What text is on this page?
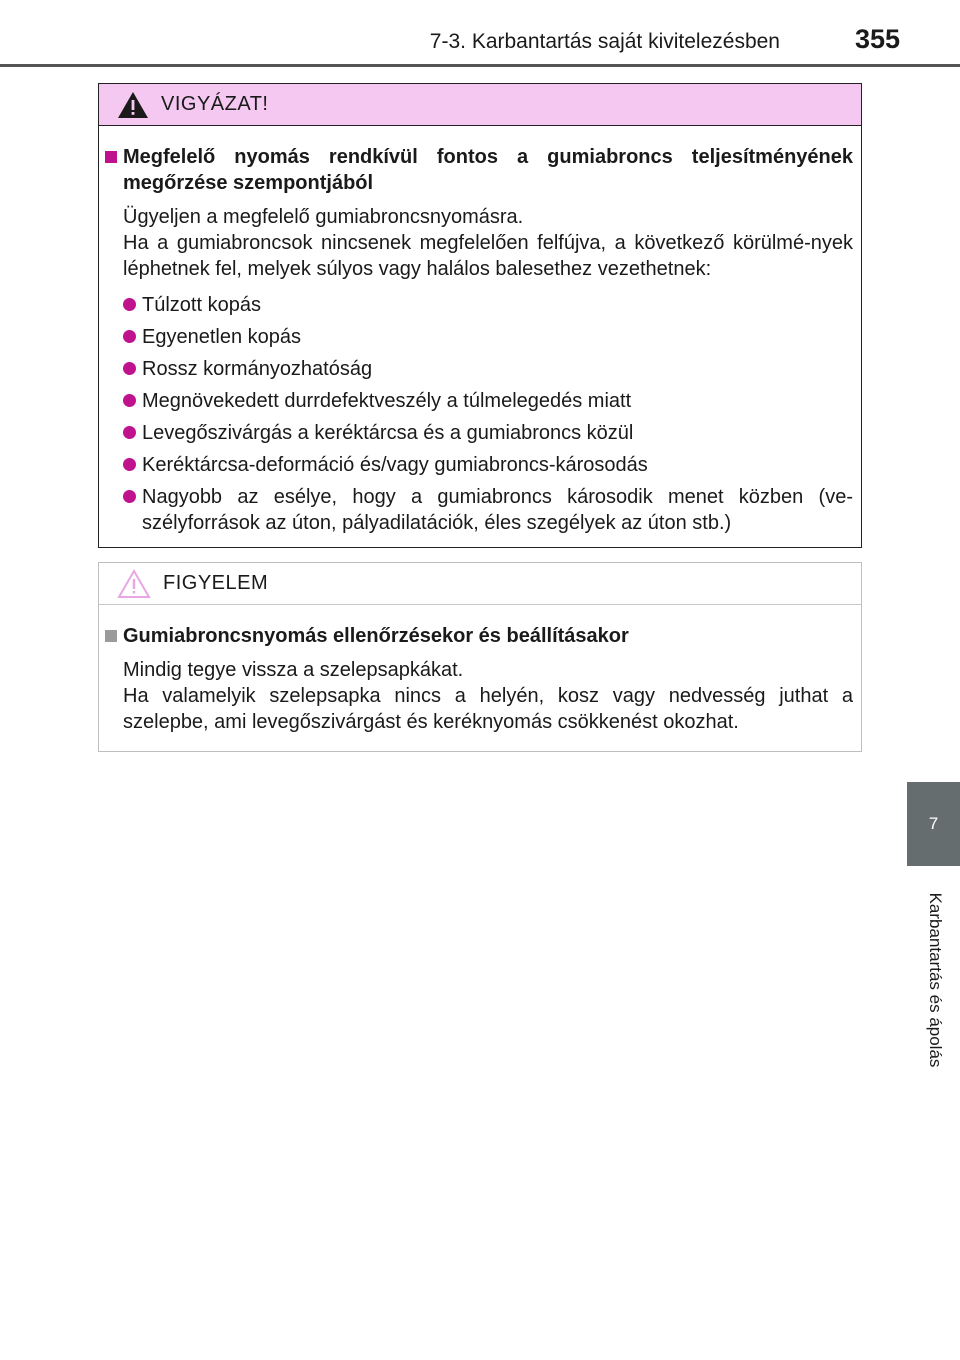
7-3. Karbantartás saját kivitelezésben	355
7
Karbantartás és ápolás
VIGYÁZAT!
Megfelelő nyomás rendkívül fontos a gumiabroncs teljesítményének megőrzése szempontjából
Ügyeljen a megfelelő gumiabroncsnyomásra.
Ha a gumiabroncsok nincsenek megfelelően felfújva, a következő körülmé-nyek léphetnek fel, melyek súlyos vagy halálos balesethez vezethetnek:
Túlzott kopás
Egyenetlen kopás
Rossz kormányozhatóság
Megnövekedett durrdefektveszély a túlmelegedés miatt
Levegőszivárgás a keréktárcsa és a gumiabroncs közül
Keréktárcsa-deformáció és/vagy gumiabroncs-károsodás
Nagyobb az esélye, hogy a gumiabroncs károsodik menet közben (ve-szélyforrások az úton, pályadilatációk, éles szegélyek az úton stb.)
FIGYELEM
Gumiabroncsnyomás ellenőrzésekor és beállításakor
Mindig tegye vissza a szelepsapkákat.
Ha valamelyik szelepsapka nincs a helyén, kosz vagy nedvesség juthat a szelepbe, ami levegőszivárgást és keréknyomás csökkenést okozhat.
